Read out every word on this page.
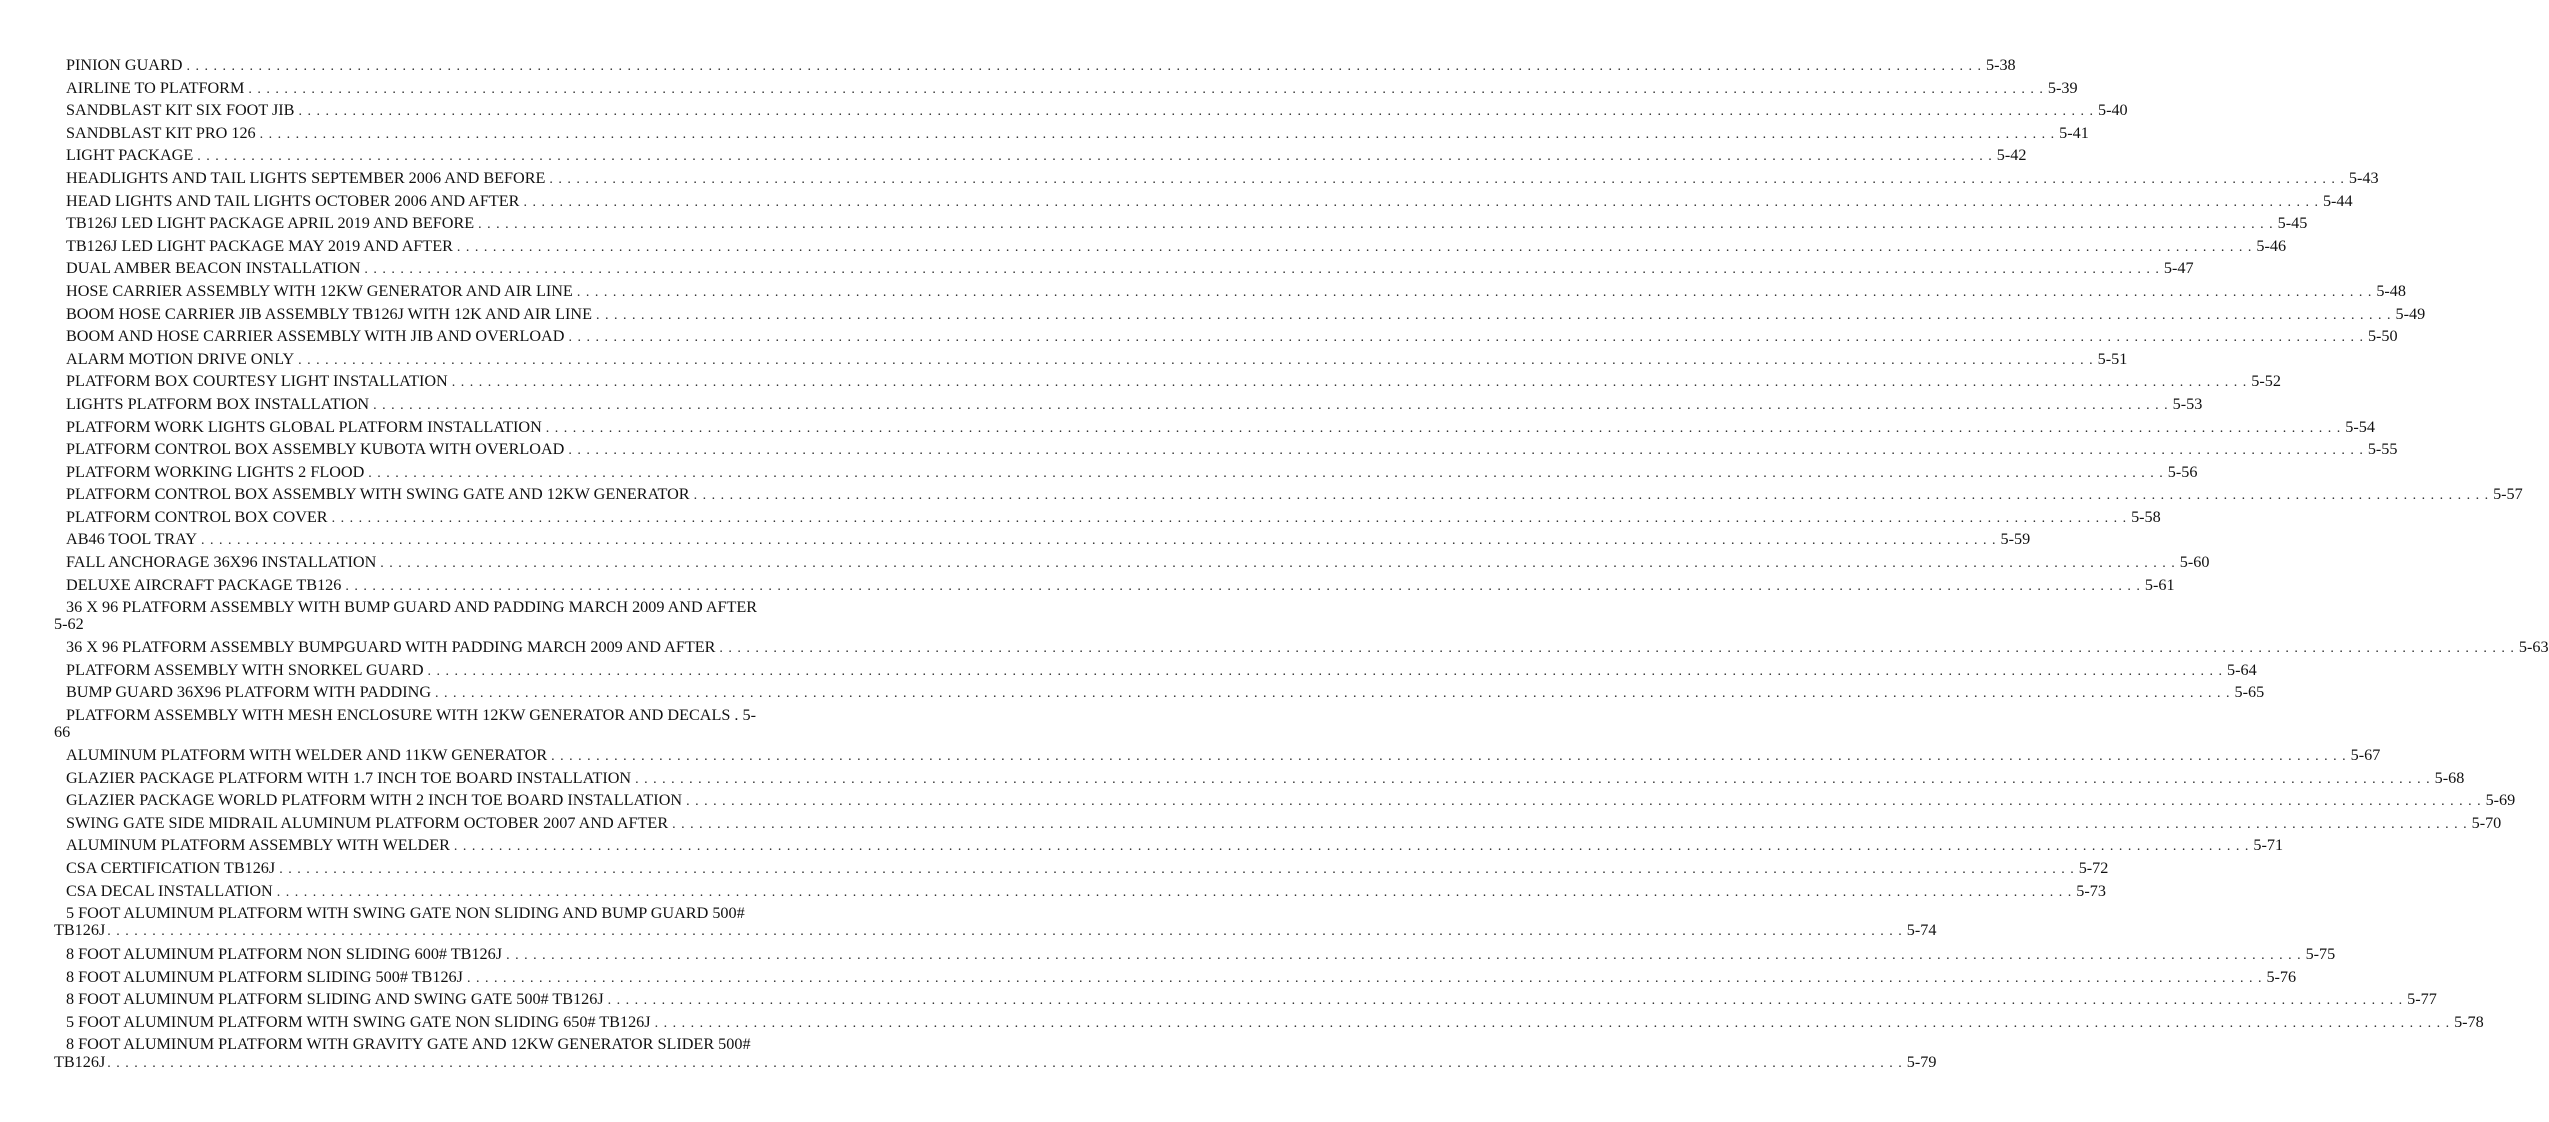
PINION GUARD . . . . . . . . . . . . . . . . . . . . . . . . . . . . . . . . . . . . . . . . . . . . . . . . . . . . . . . . . . . . . . . . . . . . . . . . . . . . . . . . . . . . . . . . . . . . . . . . . . . . . . . . . . . . . . . . . . . . . . . . . . . . . . . . . . . . . . . . . . . . . . . . . . . . . . . . . . . . . . . . . . . . . . . . . . . . . . . . . . . . . . . . . . . . . . . . . . . . . . . . 5-38
AIRLINE TO PLATFORM . . . . . . . . . . . . . . . . . . . . . . . . . . . . . . . . . . . . . . . . . . . . . . . . . . . . . . . . . . . . . . . . . . . . . . . . . . . . . . . . . . . . . . . . . . . . . . . . . . . . . . . . . . . . . . . . . . . . . . . . . . . . . . . . . . . . . . . . . . . . . . . . . . . . . . . . . . . . . . . . . . . . . . . . . . . . . . . . . . . . . . . . . . . . . . . . . . . . . . . . 5-39
SANDBLAST KIT SIX FOOT JIB . . . . . . . . . . . . . . . . . . . . . . . . . . . . . . . . . . . . . . . . . . . . . . . . . . . . . . . . . . . . . . . . . . . . . . . . . . . . . . . . . . . . . . . . . . . . . . . . . . . . . . . . . . . . . . . . . . . . . . . . . . . . . . . . . . . . . . . . . . . . . . . . . . . . . . . . . . . . . . . . . . . . . . . . . . . . . . . . . . . . . . . . . . . . . . . . . . . . . . . . 5-40
SANDBLAST KIT PRO 126 . . . . . . . . . . . . . . . . . . . . . . . . . . . . . . . . . . . . . . . . . . . . . . . . . . . . . . . . . . . . . . . . . . . . . . . . . . . . . . . . . . . . . . . . . . . . . . . . . . . . . . . . . . . . . . . . . . . . . . . . . . . . . . . . . . . . . . . . . . . . . . . . . . . . . . . . . . . . . . . . . . . . . . . . . . . . . . . . . . . . . . . . . . . . . . . . . . . . . . . . 5-41
LIGHT PACKAGE . . . . . . . . . . . . . . . . . . . . . . . . . . . . . . . . . . . . . . . . . . . . . . . . . . . . . . . . . . . . . . . . . . . . . . . . . . . . . . . . . . . . . . . . . . . . . . . . . . . . . . . . . . . . . . . . . . . . . . . . . . . . . . . . . . . . . . . . . . . . . . . . . . . . . . . . . . . . . . . . . . . . . . . . . . . . . . . . . . . . . . . . . . . . . . . . . . . . . . . . 5-42
HEADLIGHTS AND TAIL LIGHTS SEPTEMBER 2006 AND BEFORE . . . . . . . . . . . . . . . . . . . . . . . . . . . . . . . . . . . . . . . . . . . . . . . . . . . . . . . . . . . . . . . . . . . . . . . . . . . . . . . . . . . . . . . . . . . . . . . . . . . . . . . . . . . . . . . . . . . . . . . . . . . . . . . . . . . . . . . . . . . . . . . . . . . . . . . . . . . . . . . . . . . . . . . . . . . . . . . . . . . . . . . . . . . . . . . . . . . . . . . . 5-43
HEAD LIGHTS AND TAIL LIGHTS OCTOBER 2006 AND AFTER . . . . . . . . . . . . . . . . . . . . . . . . . . . . . . . . . . . . . . . . . . . . . . . . . . . . . . . . . . . . . . . . . . . . . . . . . . . . . . . . . . . . . . . . . . . . . . . . . . . . . . . . . . . . . . . . . . . . . . . . . . . . . . . . . . . . . . . . . . . . . . . . . . . . . . . . . . . . . . . . . . . . . . . . . . . . . . . . . . . . . . . . . . . . . . . . . . . . . . . . 5-44
TB126J LED LIGHT PACKAGE APRIL 2019 AND BEFORE . . . . . . . . . . . . . . . . . . . . . . . . . . . . . . . . . . . . . . . . . . . . . . . . . . . . . . . . . . . . . . . . . . . . . . . . . . . . . . . . . . . . . . . . . . . . . . . . . . . . . . . . . . . . . . . . . . . . . . . . . . . . . . . . . . . . . . . . . . . . . . . . . . . . . . . . . . . . . . . . . . . . . . . . . . . . . . . . . . . . . . . . . . . . . . . . . . . . . . . . 5-45
TB126J LED LIGHT PACKAGE MAY 2019 AND AFTER . . . . . . . . . . . . . . . . . . . . . . . . . . . . . . . . . . . . . . . . . . . . . . . . . . . . . . . . . . . . . . . . . . . . . . . . . . . . . . . . . . . . . . . . . . . . . . . . . . . . . . . . . . . . . . . . . . . . . . . . . . . . . . . . . . . . . . . . . . . . . . . . . . . . . . . . . . . . . . . . . . . . . . . . . . . . . . . . . . . . . . . . . . . . . . . . . . . . . . . . 5-46
DUAL AMBER BEACON INSTALLATION . . . . . . . . . . . . . . . . . . . . . . . . . . . . . . . . . . . . . . . . . . . . . . . . . . . . . . . . . . . . . . . . . . . . . . . . . . . . . . . . . . . . . . . . . . . . . . . . . . . . . . . . . . . . . . . . . . . . . . . . . . . . . . . . . . . . . . . . . . . . . . . . . . . . . . . . . . . . . . . . . . . . . . . . . . . . . . . . . . . . . . . . . . . . . . . . . . . . . . . . 5-47
HOSE CARRIER ASSEMBLY WITH 12KW GENERATOR AND AIR LINE . . . . . . . . . . . . . . . . . . . . . . . . . . . . . . . . . . . . . . . . . . . . . . . . . . . . . . . . . . . . . . . . . . . . . . . . . . . . . . . . . . . . . . . . . . . . . . . . . . . . . . . . . . . . . . . . . . . . . . . . . . . . . . . . . . . . . . . . . . . . . . . . . . . . . . . . . . . . . . . . . . . . . . . . . . . . . . . . . . . . . . . . . . . . . . . . . . . . . . . . 5-48
BOOM HOSE CARRIER JIB ASSEMBLY TB126J WITH 12K AND AIR LINE . . . . . . . . . . . . . . . . . . . . . . . . . . . . . . . . . . . . . . . . . . . . . . . . . . . . . . . . . . . . . . . . . . . . . . . . . . . . . . . . . . . . . . . . . . . . . . . . . . . . . . . . . . . . . . . . . . . . . . . . . . . . . . . . . . . . . . . . . . . . . . . . . . . . . . . . . . . . . . . . . . . . . . . . . . . . . . . . . . . . . . . . . . . . . . . . . . . . . . . . 5-49
BOOM AND HOSE CARRIER ASSEMBLY WITH JIB AND OVERLOAD . . . . . . . . . . . . . . . . . . . . . . . . . . . . . . . . . . . . . . . . . . . . . . . . . . . . . . . . . . . . . . . . . . . . . . . . . . . . . . . . . . . . . . . . . . . . . . . . . . . . . . . . . . . . . . . . . . . . . . . . . . . . . . . . . . . . . . . . . . . . . . . . . . . . . . . . . . . . . . . . . . . . . . . . . . . . . . . . . . . . . . . . . . . . . . . . . . . . . . . . 5-50
ALARM MOTION DRIVE ONLY . . . . . . . . . . . . . . . . . . . . . . . . . . . . . . . . . . . . . . . . . . . . . . . . . . . . . . . . . . . . . . . . . . . . . . . . . . . . . . . . . . . . . . . . . . . . . . . . . . . . . . . . . . . . . . . . . . . . . . . . . . . . . . . . . . . . . . . . . . . . . . . . . . . . . . . . . . . . . . . . . . . . . . . . . . . . . . . . . . . . . . . . . . . . . . . . . . . . . . . . 5-51
PLATFORM BOX COURTESY LIGHT INSTALLATION . . . . . . . . . . . . . . . . . . . . . . . . . . . . . . . . . . . . . . . . . . . . . . . . . . . . . . . . . . . . . . . . . . . . . . . . . . . . . . . . . . . . . . . . . . . . . . . . . . . . . . . . . . . . . . . . . . . . . . . . . . . . . . . . . . . . . . . . . . . . . . . . . . . . . . . . . . . . . . . . . . . . . . . . . . . . . . . . . . . . . . . . . . . . . . . . . . . . . . . . 5-52
LIGHTS PLATFORM BOX INSTALLATION . . . . . . . . . . . . . . . . . . . . . . . . . . . . . . . . . . . . . . . . . . . . . . . . . . . . . . . . . . . . . . . . . . . . . . . . . . . . . . . . . . . . . . . . . . . . . . . . . . . . . . . . . . . . . . . . . . . . . . . . . . . . . . . . . . . . . . . . . . . . . . . . . . . . . . . . . . . . . . . . . . . . . . . . . . . . . . . . . . . . . . . . . . . . . . . . . . . . . . . . 5-53
PLATFORM WORK LIGHTS GLOBAL PLATFORM INSTALLATION . . . . . . . . . . . . . . . . . . . . . . . . . . . . . . . . . . . . . . . . . . . . . . . . . . . . . . . . . . . . . . . . . . . . . . . . . . . . . . . . . . . . . . . . . . . . . . . . . . . . . . . . . . . . . . . . . . . . . . . . . . . . . . . . . . . . . . . . . . . . . . . . . . . . . . . . . . . . . . . . . . . . . . . . . . . . . . . . . . . . . . . . . . . . . . . . . . . . . . . . 5-54
PLATFORM CONTROL BOX ASSEMBLY KUBOTA WITH OVERLOAD . . . . . . . . . . . . . . . . . . . . . . . . . . . . . . . . . . . . . . . . . . . . . . . . . . . . . . . . . . . . . . . . . . . . . . . . . . . . . . . . . . . . . . . . . . . . . . . . . . . . . . . . . . . . . . . . . . . . . . . . . . . . . . . . . . . . . . . . . . . . . . . . . . . . . . . . . . . . . . . . . . . . . . . . . . . . . . . . . . . . . . . . . . . . . . . . . . . . . . . . 5-55
PLATFORM WORKING LIGHTS 2 FLOOD . . . . . . . . . . . . . . . . . . . . . . . . . . . . . . . . . . . . . . . . . . . . . . . . . . . . . . . . . . . . . . . . . . . . . . . . . . . . . . . . . . . . . . . . . . . . . . . . . . . . . . . . . . . . . . . . . . . . . . . . . . . . . . . . . . . . . . . . . . . . . . . . . . . . . . . . . . . . . . . . . . . . . . . . . . . . . . . . . . . . . . . . . . . . . . . . . . . . . . . . 5-56
PLATFORM CONTROL BOX ASSEMBLY WITH SWING GATE AND 12KW GENERATOR . . . . . . . . . . . . . . . . . . . . . . . . . . . . . . . . . . . . . . . . . . . . . . . . . . . . . . . . . . . . . . . . . . . . . . . . . . . . . . . . . . . . . . . . . . . . . . . . . . . . . . . . . . . . . . . . . . . . . . . . . . . . . . . . . . . . . . . . . . . . . . . . . . . . . . . . . . . . . . . . . . . . . . . . . . . . . . . . . . . . . . . . . . . . . . . . . . . . . . . . 5-57
PLATFORM CONTROL BOX COVER . . . . . . . . . . . . . . . . . . . . . . . . . . . . . . . . . . . . . . . . . . . . . . . . . . . . . . . . . . . . . . . . . . . . . . . . . . . . . . . . . . . . . . . . . . . . . . . . . . . . . . . . . . . . . . . . . . . . . . . . . . . . . . . . . . . . . . . . . . . . . . . . . . . . . . . . . . . . . . . . . . . . . . . . . . . . . . . . . . . . . . . . . . . . . . . . . . . . . . . . 5-58
AB46 TOOL TRAY . . . . . . . . . . . . . . . . . . . . . . . . . . . . . . . . . . . . . . . . . . . . . . . . . . . . . . . . . . . . . . . . . . . . . . . . . . . . . . . . . . . . . . . . . . . . . . . . . . . . . . . . . . . . . . . . . . . . . . . . . . . . . . . . . . . . . . . . . . . . . . . . . . . . . . . . . . . . . . . . . . . . . . . . . . . . . . . . . . . . . . . . . . . . . . . . . . . . . . . . 5-59
FALL ANCHORAGE 36X96 INSTALLATION . . . . . . . . . . . . . . . . . . . . . . . . . . . . . . . . . . . . . . . . . . . . . . . . . . . . . . . . . . . . . . . . . . . . . . . . . . . . . . . . . . . . . . . . . . . . . . . . . . . . . . . . . . . . . . . . . . . . . . . . . . . . . . . . . . . . . . . . . . . . . . . . . . . . . . . . . . . . . . . . . . . . . . . . . . . . . . . . . . . . . . . . . . . . . . . . . . . . . . . . 5-60
DELUXE AIRCRAFT PACKAGE TB126 . . . . . . . . . . . . . . . . . . . . . . . . . . . . . . . . . . . . . . . . . . . . . . . . . . . . . . . . . . . . . . . . . . . . . . . . . . . . . . . . . . . . . . . . . . . . . . . . . . . . . . . . . . . . . . . . . . . . . . . . . . . . . . . . . . . . . . . . . . . . . . . . . . . . . . . . . . . . . . . . . . . . . . . . . . . . . . . . . . . . . . . . . . . . . . . . . . . . . . . . 5-61
36 X 96 PLATFORM ASSEMBLY WITH BUMP GUARD AND PADDING MARCH 2009 AND AFTER
5-62
36 X 96 PLATFORM ASSEMBLY BUMPGUARD WITH PADDING MARCH 2009 AND AFTER . . . . . . . . . . . . . . . . . . . . . . . . . . . . . . . . . . . . . . . . . . . . . . . . . . . . . . . . . . . . . . . . . . . . . . . . . . . . . . . . . . . . . . . . . . . . . . . . . . . . . . . . . . . . . . . . . . . . . . . . . . . . . . . . . . . . . . . . . . . . . . . . . . . . . . . . . . . . . . . . . . . . . . . . . . . . . . . . . . . . . . . . . . . . . . . . . . . . . . . . 5-63
PLATFORM ASSEMBLY WITH SNORKEL GUARD . . . . . . . . . . . . . . . . . . . . . . . . . . . . . . . . . . . . . . . . . . . . . . . . . . . . . . . . . . . . . . . . . . . . . . . . . . . . . . . . . . . . . . . . . . . . . . . . . . . . . . . . . . . . . . . . . . . . . . . . . . . . . . . . . . . . . . . . . . . . . . . . . . . . . . . . . . . . . . . . . . . . . . . . . . . . . . . . . . . . . . . . . . . . . . . . . . . . . . . . 5-64
BUMP GUARD 36X96 PLATFORM WITH PADDING . . . . . . . . . . . . . . . . . . . . . . . . . . . . . . . . . . . . . . . . . . . . . . . . . . . . . . . . . . . . . . . . . . . . . . . . . . . . . . . . . . . . . . . . . . . . . . . . . . . . . . . . . . . . . . . . . . . . . . . . . . . . . . . . . . . . . . . . . . . . . . . . . . . . . . . . . . . . . . . . . . . . . . . . . . . . . . . . . . . . . . . . . . . . . . . . . . . . . . . . 5-65
PLATFORM ASSEMBLY WITH MESH ENCLOSURE WITH 12KW GENERATOR AND DECALS . 5-
66
ALUMINUM PLATFORM WITH WELDER AND 11KW GENERATOR . . . . . . . . . . . . . . . . . . . . . . . . . . . . . . . . . . . . . . . . . . . . . . . . . . . . . . . . . . . . . . . . . . . . . . . . . . . . . . . . . . . . . . . . . . . . . . . . . . . . . . . . . . . . . . . . . . . . . . . . . . . . . . . . . . . . . . . . . . . . . . . . . . . . . . . . . . . . . . . . . . . . . . . . . . . . . . . . . . . . . . . . . . . . . . . . . . . . . . . . 5-67
GLAZIER PACKAGE PLATFORM WITH 1.7 INCH TOE BOARD INSTALLATION . . . . . . . . . . . . . . . . . . . . . . . . . . . . . . . . . . . . . . . . . . . . . . . . . . . . . . . . . . . . . . . . . . . . . . . . . . . . . . . . . . . . . . . . . . . . . . . . . . . . . . . . . . . . . . . . . . . . . . . . . . . . . . . . . . . . . . . . . . . . . . . . . . . . . . . . . . . . . . . . . . . . . . . . . . . . . . . . . . . . . . . . . . . . . . . . . . . . . . . . 5-68
GLAZIER PACKAGE WORLD PLATFORM WITH 2 INCH TOE BOARD INSTALLATION . . . . . . . . . . . . . . . . . . . . . . . . . . . . . . . . . . . . . . . . . . . . . . . . . . . . . . . . . . . . . . . . . . . . . . . . . . . . . . . . . . . . . . . . . . . . . . . . . . . . . . . . . . . . . . . . . . . . . . . . . . . . . . . . . . . . . . . . . . . . . . . . . . . . . . . . . . . . . . . . . . . . . . . . . . . . . . . . . . . . . . . . . . . . . . . . . . . . . . . . 5-69
SWING GATE SIDE MIDRAIL ALUMINUM PLATFORM OCTOBER 2007 AND AFTER . . . . . . . . . . . . . . . . . . . . . . . . . . . . . . . . . . . . . . . . . . . . . . . . . . . . . . . . . . . . . . . . . . . . . . . . . . . . . . . . . . . . . . . . . . . . . . . . . . . . . . . . . . . . . . . . . . . . . . . . . . . . . . . . . . . . . . . . . . . . . . . . . . . . . . . . . . . . . . . . . . . . . . . . . . . . . . . . . . . . . . . . . . . . . . . . . . . . . . . . 5-70
ALUMINUM PLATFORM ASSEMBLY WITH WELDER . . . . . . . . . . . . . . . . . . . . . . . . . . . . . . . . . . . . . . . . . . . . . . . . . . . . . . . . . . . . . . . . . . . . . . . . . . . . . . . . . . . . . . . . . . . . . . . . . . . . . . . . . . . . . . . . . . . . . . . . . . . . . . . . . . . . . . . . . . . . . . . . . . . . . . . . . . . . . . . . . . . . . . . . . . . . . . . . . . . . . . . . . . . . . . . . . . . . . . . . 5-71
CSA CERTIFICATION TB126J . . . . . . . . . . . . . . . . . . . . . . . . . . . . . . . . . . . . . . . . . . . . . . . . . . . . . . . . . . . . . . . . . . . . . . . . . . . . . . . . . . . . . . . . . . . . . . . . . . . . . . . . . . . . . . . . . . . . . . . . . . . . . . . . . . . . . . . . . . . . . . . . . . . . . . . . . . . . . . . . . . . . . . . . . . . . . . . . . . . . . . . . . . . . . . . . . . . . . . . . 5-72
CSA DECAL INSTALLATION . . . . . . . . . . . . . . . . . . . . . . . . . . . . . . . . . . . . . . . . . . . . . . . . . . . . . . . . . . . . . . . . . . . . . . . . . . . . . . . . . . . . . . . . . . . . . . . . . . . . . . . . . . . . . . . . . . . . . . . . . . . . . . . . . . . . . . . . . . . . . . . . . . . . . . . . . . . . . . . . . . . . . . . . . . . . . . . . . . . . . . . . . . . . . . . . . . . . . . . . 5-73
5 FOOT ALUMINUM PLATFORM WITH SWING GATE NON SLIDING AND BUMP GUARD 500#
TB126J . . . . . . . . . . . . . . . . . . . . . . . . . . . . . . . . . . . . . . . . . . . . . . . . . . . . . . . . . . . . . . . . . . . . . . . . . . . . . . . . . . . . . . . . . . . . . . . . . . . . . . . . . . . . . . . . . . . . . . . . . . . . . . . . . . . . . . . . . . . . . . . . . . . . . . . . . . . . . . . . . . . . . . . . . . . . . . . . . . . . . . . . . . . . . . . . . . . . . . . . 5-74
8 FOOT ALUMINUM PLATFORM NON SLIDING 600# TB126J . . . . . . . . . . . . . . . . . . . . . . . . . . . . . . . . . . . . . . . . . . . . . . . . . . . . . . . . . . . . . . . . . . . . . . . . . . . . . . . . . . . . . . . . . . . . . . . . . . . . . . . . . . . . . . . . . . . . . . . . . . . . . . . . . . . . . . . . . . . . . . . . . . . . . . . . . . . . . . . . . . . . . . . . . . . . . . . . . . . . . . . . . . . . . . . . . . . . . . . . 5-75
8 FOOT ALUMINUM PLATFORM SLIDING 500# TB126J . . . . . . . . . . . . . . . . . . . . . . . . . . . . . . . . . . . . . . . . . . . . . . . . . . . . . . . . . . . . . . . . . . . . . . . . . . . . . . . . . . . . . . . . . . . . . . . . . . . . . . . . . . . . . . . . . . . . . . . . . . . . . . . . . . . . . . . . . . . . . . . . . . . . . . . . . . . . . . . . . . . . . . . . . . . . . . . . . . . . . . . . . . . . . . . . . . . . . . . . 5-76
8 FOOT ALUMINUM PLATFORM SLIDING AND SWING GATE 500# TB126J . . . . . . . . . . . . . . . . . . . . . . . . . . . . . . . . . . . . . . . . . . . . . . . . . . . . . . . . . . . . . . . . . . . . . . . . . . . . . . . . . . . . . . . . . . . . . . . . . . . . . . . . . . . . . . . . . . . . . . . . . . . . . . . . . . . . . . . . . . . . . . . . . . . . . . . . . . . . . . . . . . . . . . . . . . . . . . . . . . . . . . . . . . . . . . . . . . . . . . . . 5-77
5 FOOT ALUMINUM PLATFORM WITH SWING GATE NON SLIDING 650# TB126J . . . . . . . . . . . . . . . . . . . . . . . . . . . . . . . . . . . . . . . . . . . . . . . . . . . . . . . . . . . . . . . . . . . . . . . . . . . . . . . . . . . . . . . . . . . . . . . . . . . . . . . . . . . . . . . . . . . . . . . . . . . . . . . . . . . . . . . . . . . . . . . . . . . . . . . . . . . . . . . . . . . . . . . . . . . . . . . . . . . . . . . . . . . . . . . . . . . . . . . . 5-78
8 FOOT ALUMINUM PLATFORM WITH GRAVITY GATE AND 12KW GENERATOR SLIDER 500#
TB126J . . . . . . . . . . . . . . . . . . . . . . . . . . . . . . . . . . . . . . . . . . . . . . . . . . . . . . . . . . . . . . . . . . . . . . . . . . . . . . . . . . . . . . . . . . . . . . . . . . . . . . . . . . . . . . . . . . . . . . . . . . . . . . . . . . . . . . . . . . . . . . . . . . . . . . . . . . . . . . . . . . . . . . . . . . . . . . . . . . . . . . . . . . . . . . . . . . . . . . . . 5-79
